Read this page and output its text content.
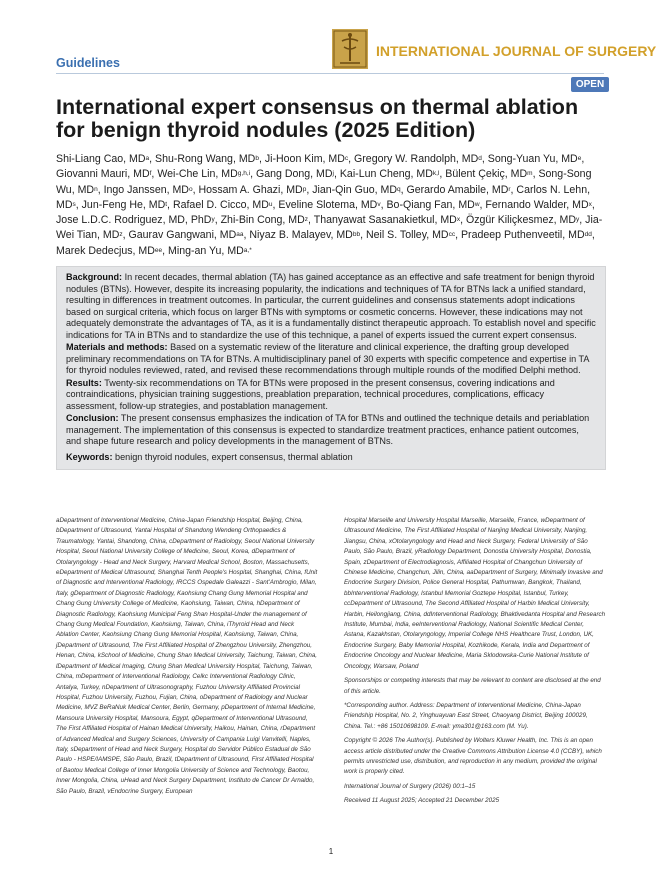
Guidelines
INTERNATIONAL JOURNAL OF SURGERY
OPEN
International expert consensus on thermal ablation for benign thyroid nodules (2025 Edition)

Shi-Liang Cao, $MD^a$, Shu-Rong Wang, $MD^b$, Ji-Hoon Kim, $MD^c$, Gregory W. Randolph, $MD^d$, Song-Yuan Yu, MDe, Giovanni Mauri, $MD^f$, Wei-Che Lin, MD$^{g,h,i}$, Gang Dong, $MD^j$, Kai-Lun Cheng, MD$^{k,l}$, Bülent Çekiç, $MD^m$, Song-Song Wu, $MD^n$, Ingo Janssen, $MD^o$, Hossam A. Ghazi, $MD^p$, Jian-Qin Guo, $MD^q$, Gerardo Amabile, $MD^r$, Carlos N. Lehn, $MD^s$, Jun-Feng He, $MD^t$, Rafael D. Cicco, $MD^u$, Eveline Slotema, $MD^v$, Bo-Qiang Fan, $MD^w$, Fernando Walder, $MD^x$, Jose L.D.C. Rodriguez, MD, PhD$^y$, Zhi-Bin Cong, $MD^z$, Thanyawat Sasanakietkul, $MD^x$, Özgür Kiliçkesmez, $MD^y$, Jia-Wei Tian, $MD^z$, Gaurav Gangwani, $MD^{aa}$, Niyaz B. Malayev, $MD^{bb}$, Neil S. Tolley, $MD^{cc}$, Pradeep Puthenveetil, $MD^{dd}$, Marek Dedecjus, $MD^{ee}$, Ming-an Yu, $MD^{a,*}$

Background: In recent decades, thermal ablation (TA) has gained acceptance as an effective and safe treatment for benign thyroid nodules (BTNs). However, despite its increasing popularity, the indications and techniques of TA for BTNs lack a unified standard, resulting in differences in treatment outcomes. In particular, the current guidelines and consensus statements adopt indications based on surgical criteria, which focus on larger BTNs with symptoms or cosmetic concerns. However, these indications may not adequately demonstrate the advantages of TA, as it is a fundamentally distinct therapeutic approach. To establish novel and specific indications for TA in BTNs and to standardize the use of this technique, a panel of experts issued the current expert consensus.

Materials and methods: Based on a systematic review of the literature and clinical experience, the drafting group developed preliminary recommendations on TA for BTNs. A multidisciplinary panel of 30 experts with specific competence and expertise in TA for thyroid nodules reviewed, rated, and revised these recommendations through multiple rounds of the modified Delphi method.

Results: Twenty-six recommendations on TA for BTNs were proposed in the present consensus, covering indications and contraindications, physician training suggestions, preablation preparation, technical procedures, complications, efficacy assessment, follow-up strategies, and postablation management.

Conclusion: The present consensus emphasizes the indication of TA for BTNs and outlined the technique details and periablation management. The implementation of this consensus is expected to standardize treatment practices, enhance patient outcomes, and shape future research and policy developments in the management of BTNs.

Keywords: benign thyroid nodules, expert consensus, thermal ablation

aDepartment of Interventional Medicine, China-Japan Friendship Hospital, Beijing, China, bDepartment of Ultrasound, Yantai Hospital of Shandong Wendeng Orthopaedics & Traumatology, Yantai, Shandong, China, cDepartment of Radiology, Seoul National University Hospital, Seoul National University College of Medicine, Seoul, Korea, dDepartment of Otolaryngology - Head and Neck Surgery, Harvard Medical School, Boston, Massachusetts, eDepartment of Medical Ultrasound, Shanghai Tenth People's Hospital, Shanghai, China, fUnit of Diagnostic and Interventional Radiology, IRCCS Ospedale Galeazzi - Sant'Ambrogio, Milan, Italy, gDepartment of Diagnostic Radiology, Kaohsiung Chang Gung Memorial Hospital and Chang Gung University College of Medicine, Kaohsiung, Taiwan, China, hDepartment of Diagnostic Radiology, Kaohsiung Municipal Feng Shan Hospital-Under the management of Chang Gung Medical Foundation, Kaohsiung, Taiwan, China, iThyroid Head and Neck Ablation Center, Kaohsiung Chang Gung Memorial Hospital, Kaohsiung, Taiwan, China, jDepartment of Ultrasound, The First Affiliated Hospital of Zhengzhou University, Zhengzhou, Henan, China, kSchool of Medicine, Chung Shan Medical University, Taichung, Taiwan, China, lDepartment of Medical Imaging, Chung Shan Medical University Hospital, Taichung, Taiwan, China, mDepartment of Interventional Radiology, Celkc Interventional Radiology Clinic, Antalya, Turkey, nDepartment of Ultrasonography, Fuzhou University Affiliated Provincial Hospital, Fuzhou University, Fuzhou, Fujian, China, oDepartment of Radiology and Nuclear Medicine, MVZ BeRaNuk Medical Center, Berlin, Germany, pDepartment of Internal Medicine, Mansoura University Hospital, Mansoura, Egypt, qDepartment of Interventional Ultrasound, The First Affiliated Hospital of Hainan Medical University, Haikou, Hainan, China, rDepartment of Advanced Medical and Surgery Sciences, University of Campania Luigi Vanvitelli, Naples, Italy, sDepartment of Head and Neck Surgery, Hospital do Servidor Público Estadual de São Paulo - HSPE/IAMSPE, São Paulo, Brazil, tDepartment of Ultrasound, First Affiliated Hospital of Baotou Medical College of Inner Mongolia University of Science and Technology, Baotou, Inner Mongolia, China, uHead and Neck Surgery Department, Instituto de Cancer Dr Arnaldo, São Paulo, Brazil, vEndocrine Surgery, European

Hospital Marseille and University Hospital Marseille, Marseille, France, wDepartment of Ultrasound Medicine, The First Affiliated Hospital of Nanjing Medical University, Nanjing, Jiangsu, China, xOtolaryngology and Head and Neck Surgery, Federal University of São Paulo, São Paulo, Brazil, yRadiology Department, Donostia University Hospital, Donostia, Spain, zDepartment of Electrodiagnosis, Affiliated Hospital of Changchun University of Chinese Medicine, Changchun, Jilin, China, aaDepartment of Surgery, Minimally Invasive and Endocrine Surgery Division, Police General Hospital, Pathumwan, Bangkok, Thailand, bbInterventional Radiology, Istanbul Memorial Goztepe Hospital, Istanbul, Turkey, ccDepartment of Ultrasound, The Second Affiliated Hospital of Harbin Medical University, Harbin, Heilongjiang, China, ddInterventional Radiology, Bhaktivedanta Hospital and Research Institute, Mumbai, India, eeInterventional Radiology, National Scientific Medical Center, Astana, Kazakhstan, Otolaryngology, Imperial College NHS Healthcare Trust, London, UK, Endocrine Surgery, Baby Memorial Hospital, Kozhikode, Kerala, India and Department of Endocrine Oncology and Nuclear Medicine, Maria Sklodowska-Curie National Institute of Oncology, Warsaw, Poland

Sponsorships or competing interests that may be relevant to content are disclosed at the end of this article.

*Corresponding author. Address: Department of Interventional Medicine, China-Japan Friendship Hospital, No. 2, Yinghuayuan East Street, Chaoyang District, Beijing 100029, China. Tel.: +86 15010698109. E-mail: yma301@163.com (M. Yu).

Copyright © 2026 The Author(s). Published by Wolters Kluwer Health, Inc. This is an open access article distributed under the Creative Commons Attribution License 4.0 (CCBY), which permits unrestricted use, distribution, and reproduction in any medium, provided the original work is properly cited.

International Journal of Surgery (2026) 00:1–15

Received 11 August 2025; Accepted 21 December 2025

1
